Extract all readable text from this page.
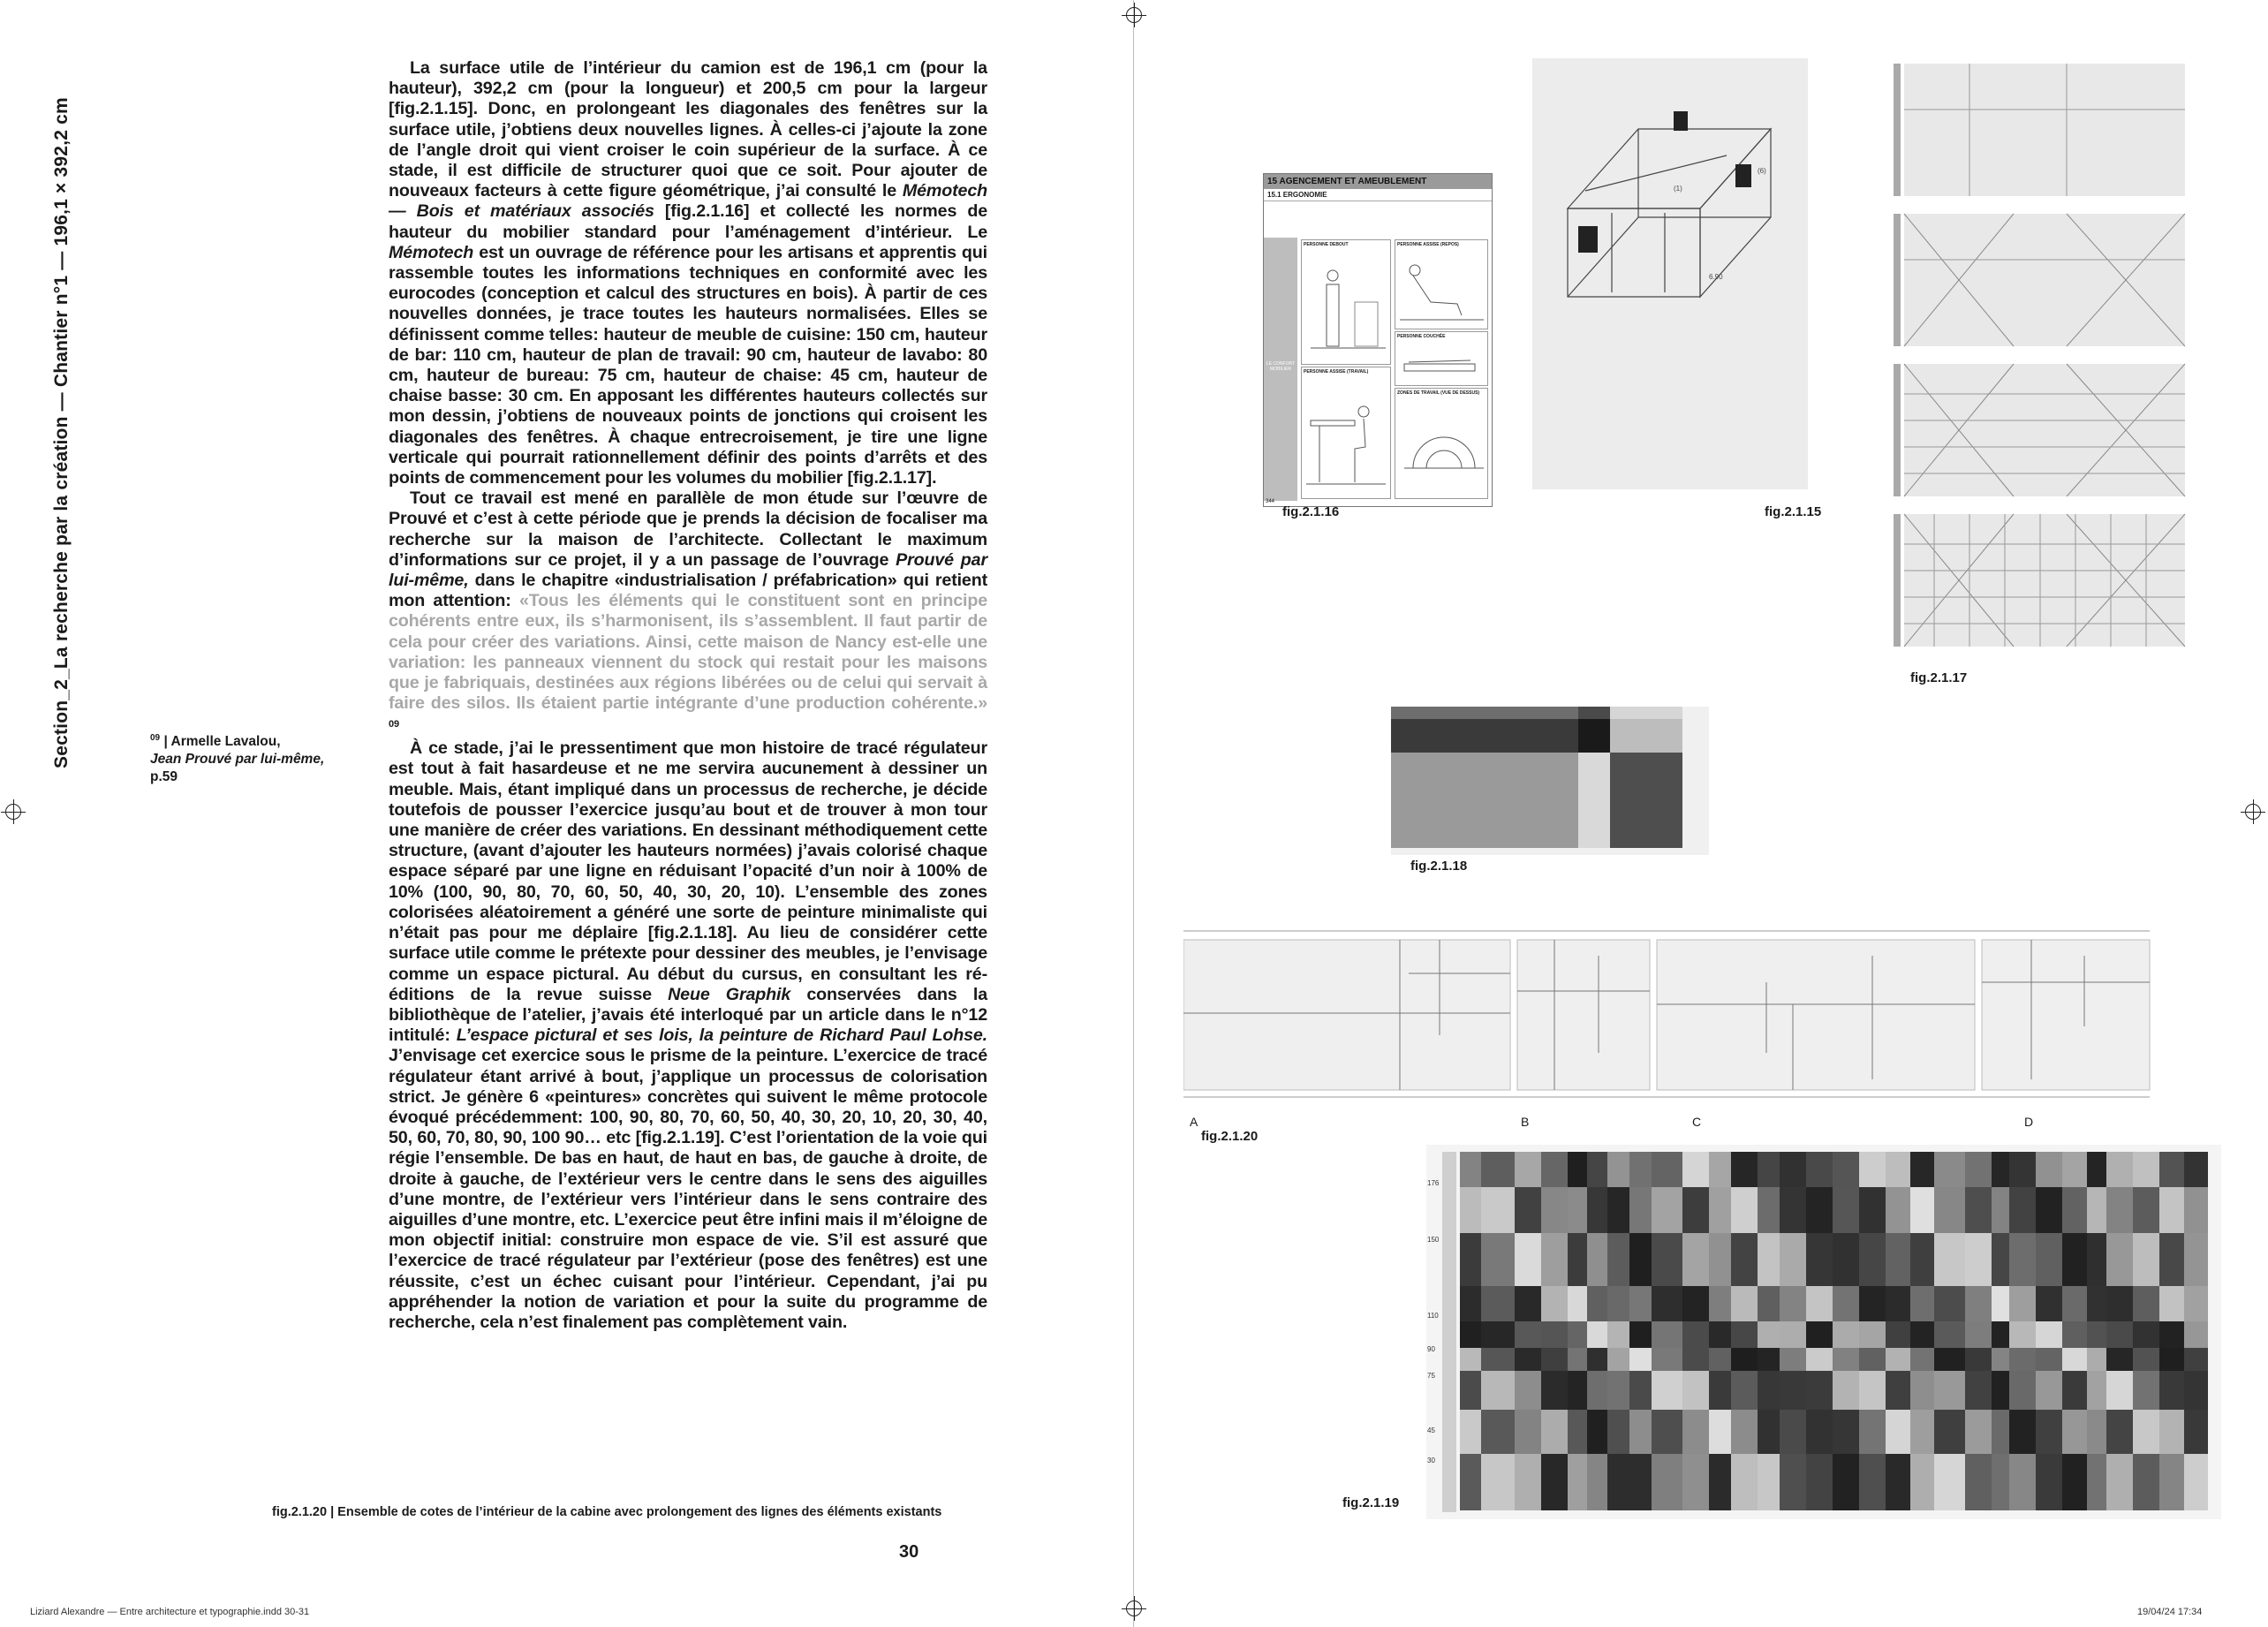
Section_2_La recherche par la création — Chantier n°1 — 196,1 × 392,2 cm	$^{09}$ | Armelle Lavalou,
Jean Prouvé par lui-même,
p.59

La surface utile de l’intérieur du camion est de 196,1 cm (pour la hauteur), 392,2 cm (pour la longueur) et 200,5 cm pour la largeur [fig.2.1.15]. Donc, en prolongeant les diagonales des fenêtres sur la surface utile, j’obtiens deux nouvelles lignes. À celles-ci j’ajoute la zone de l’angle droit qui vient croiser le coin supérieur de la surface. À ce stade, il est difficile de structurer quoi que ce soit. Pour ajouter de nouveaux facteurs à cette figure géométrique, j’ai consulté le Mémotech — Bois et matériaux associés [fig.2.1.16] et collecté les normes de hauteur du mobilier standard pour l’aménagement d’intérieur. Le Mémotech est un ouvrage de référence pour les artisans et apprentis qui rassemble toutes les informations techniques en conformité avec les eurocodes (conception et calcul des structures en bois). À partir de ces nouvelles données, je trace toutes les hauteurs normalisées. Elles se définissent comme telles: hauteur de meuble de cuisine: 150 cm, hauteur de bar: 110 cm, hauteur de plan de travail: 90 cm, hauteur de lavabo: 80 cm, hauteur de bureau: 75 cm, hauteur de chaise: 45 cm, hauteur de chaise basse: 30 cm. En apposant les différentes hauteurs collectés sur mon dessin, j’obtiens de nouveaux points de jonctions qui croisent les diagonales des fenêtres. À chaque entrecroisement, je tire une ligne verticale qui pourrait rationnellement définir des points d’arrêts et des points de commencement pour les volumes du mobilier [fig.2.1.17].

Tout ce travail est mené en parallèle de mon étude sur l’œuvre de Prouvé et c’est à cette période que je prends la décision de focaliser ma recherche sur la maison de l’architecte. Collectant le maximum d’informations sur ce projet, il y a un passage de l’ouvrage Prouvé par lui-même, dans le chapitre «industrialisation / préfabrication» qui retient mon attention: «Tous les éléments qui le constituent sont en principe cohérents entre eux, ils s’harmonisent, ils s’assemblent. Il faut partir de cela pour créer des variations. Ainsi, cette maison de Nancy est-elle une variation: les panneaux viennent du stock qui restait pour les maisons que je fabriquais, destinées aux régions libérées ou de celui qui servait à faire des silos. Ils étaient partie intégrante d’une production cohérente.» $^{09}$

À ce stade, j’ai le pressentiment que mon histoire de tracé régulateur est tout à fait hasardeuse et ne me servira aucunement à dessiner un meuble. Mais, étant impliqué dans un processus de recherche, je décide toutefois de pousser l’exercice jusqu’au bout et de trouver à mon tour une manière de créer des variations. En dessinant méthodiquement cette structure, (avant d’ajouter les hauteurs normées) j’avais colorisé chaque espace séparé par une ligne en réduisant l’opacité d’un noir à 100% de 10% (100, 90, 80, 70, 60, 50, 40, 30, 20, 10). L’ensemble des zones colorisées aléatoirement a généré une sorte de peinture minimaliste qui n’était pas pour me déplaire [fig.2.1.18]. Au lieu de considérer cette surface utile comme le prétexte pour dessiner des meubles, je l’envisage comme un espace pictural. Au début du cursus, en consultant les ré-éditions de la revue suisse Neue Graphik conservées dans la bibliothèque de l’atelier, j’avais été interloqué par un article dans le n°12 intitulé: L’espace pictural et ses lois, la peinture de Richard Paul Lohse. J’envisage cet exercice sous le prisme de la peinture. L’exercice de tracé régulateur étant arrivé à bout, j’applique un processus de colorisation strict. Je génère 6 «peintures» concrètes qui suivent le même protocole évoqué précédemment: 100, 90, 80, 70, 60, 50, 40, 30, 20, 10, 20, 30, 40, 50, 60, 70, 80, 90, 100 90… etc [fig.2.1.19]. C’est l’orientation de la voie qui régie l’ensemble. De bas en haut, de haut en bas, de gauche à droite, de droite à gauche, de l’extérieur vers le centre dans le sens des aiguilles d’une montre, de l’extérieur vers l’intérieur dans le sens contraire des aiguilles d’une montre, etc. L’exercice peut être infini mais il m’éloigne de mon objectif initial: construire mon espace de vie. S’il est assuré que l’exercice de tracé régulateur par l’extérieur (pose des fenêtres) est une réussite, c’est un échec cuisant pour l’intérieur. Cependant, j’ai pu appréhender la notion de variation et pour la suite du programme de recherche, cela n’est finalement pas complètement vain.

fig.2.1.20 | Ensemble de cotes de l’intérieur de la cabine avec prolongement des lignes des éléments existants
30
Liziard Alexandre — Entre architecture et typographie.indd 30-31	19/04/24 17:34
15 AGENCEMENT ET AMEUBLEMENT
15.1 ERGONOMIE
LE CONFORT MOBILIER
PERSONNE DEBOUT	PERSONNE ASSISE (REPOS)
PERSONNE COUCHÉE
PERSONNE ASSISE (TRAVAIL)
ZONES DE TRAVAIL (VUE DE DESSUS)
344
fig.2.1.16
(1)
(6)
6.90
fig.2.1.15
fig.2.1.17
fig.2.1.18
A	B	C	D
fig.2.1.20
176
150
110
90
75
45
30
fig.2.1.19
